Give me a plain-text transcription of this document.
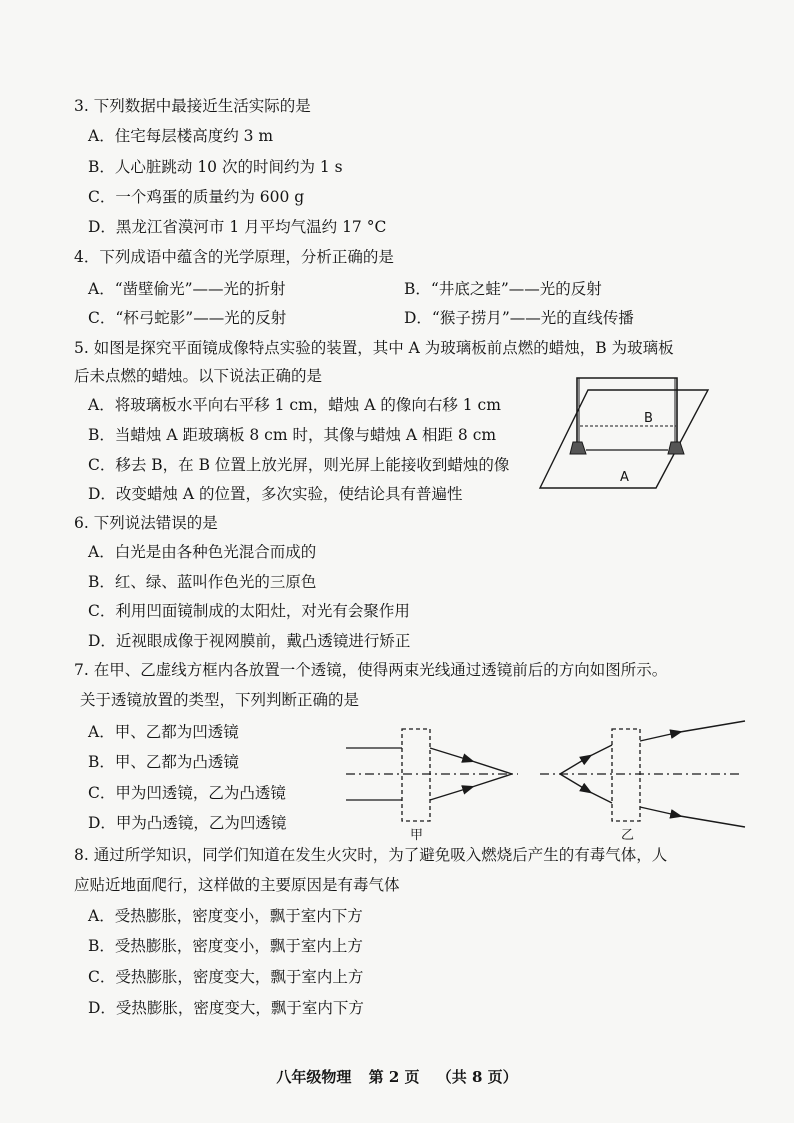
3. 下列数据中最接近生活实际的是
A．住宅每层楼高度约 3 m
B．人心脏跳动 10 次的时间约为 1 s
C．一个鸡蛋的质量约为 600 g
D．黑龙江省漠河市 1 月平均气温约 17 °C
4．下列成语中蕴含的光学原理，分析正确的是
A．“凿壁偷光”——光的折射	B．“井底之蛙”——光的反射
C．“杯弓蛇影”——光的反射	D．“猴子捞月”——光的直线传播
5. 如图是探究平面镜成像特点实验的装置，其中 A 为玻璃板前点燃的蜡烛，B 为玻璃板
后未点燃的蜡烛。以下说法正确的是
A．将玻璃板水平向右平移 1 cm，蜡烛 A 的像向右移 1 cm
B．当蜡烛 A 距玻璃板 8 cm 时，其像与蜡烛 A 相距 8 cm
C．移去 B，在 B 位置上放光屏，则光屏上能接收到蜡烛的像
D．改变蜡烛 A 的位置，多次实验，使结论具有普遍性
B
A
6. 下列说法错误的是
A．白光是由各种色光混合而成的
B．红、绿、蓝叫作色光的三原色
C．利用凹面镜制成的太阳灶，对光有会聚作用
D．近视眼成像于视网膜前，戴凸透镜进行矫正
7. 在甲、乙虚线方框内各放置一个透镜，使得两束光线通过透镜前后的方向如图所示。
关于透镜放置的类型，下列判断正确的是
A．甲、乙都为凹透镜
B．甲、乙都为凸透镜
C．甲为凹透镜，乙为凸透镜
D．甲为凸透镜，乙为凹透镜
甲	乙
8. 通过所学知识，同学们知道在发生火灾时，为了避免吸入燃烧后产生的有毒气体，人
应贴近地面爬行，这样做的主要原因是有毒气体
A．受热膨胀，密度变小，飘于室内下方
B．受热膨胀，密度变小，飘于室内上方
C．受热膨胀，密度变大，飘于室内上方
D．受热膨胀，密度变大，飘于室内下方
八年级物理 第 2 页 （共 8 页）
